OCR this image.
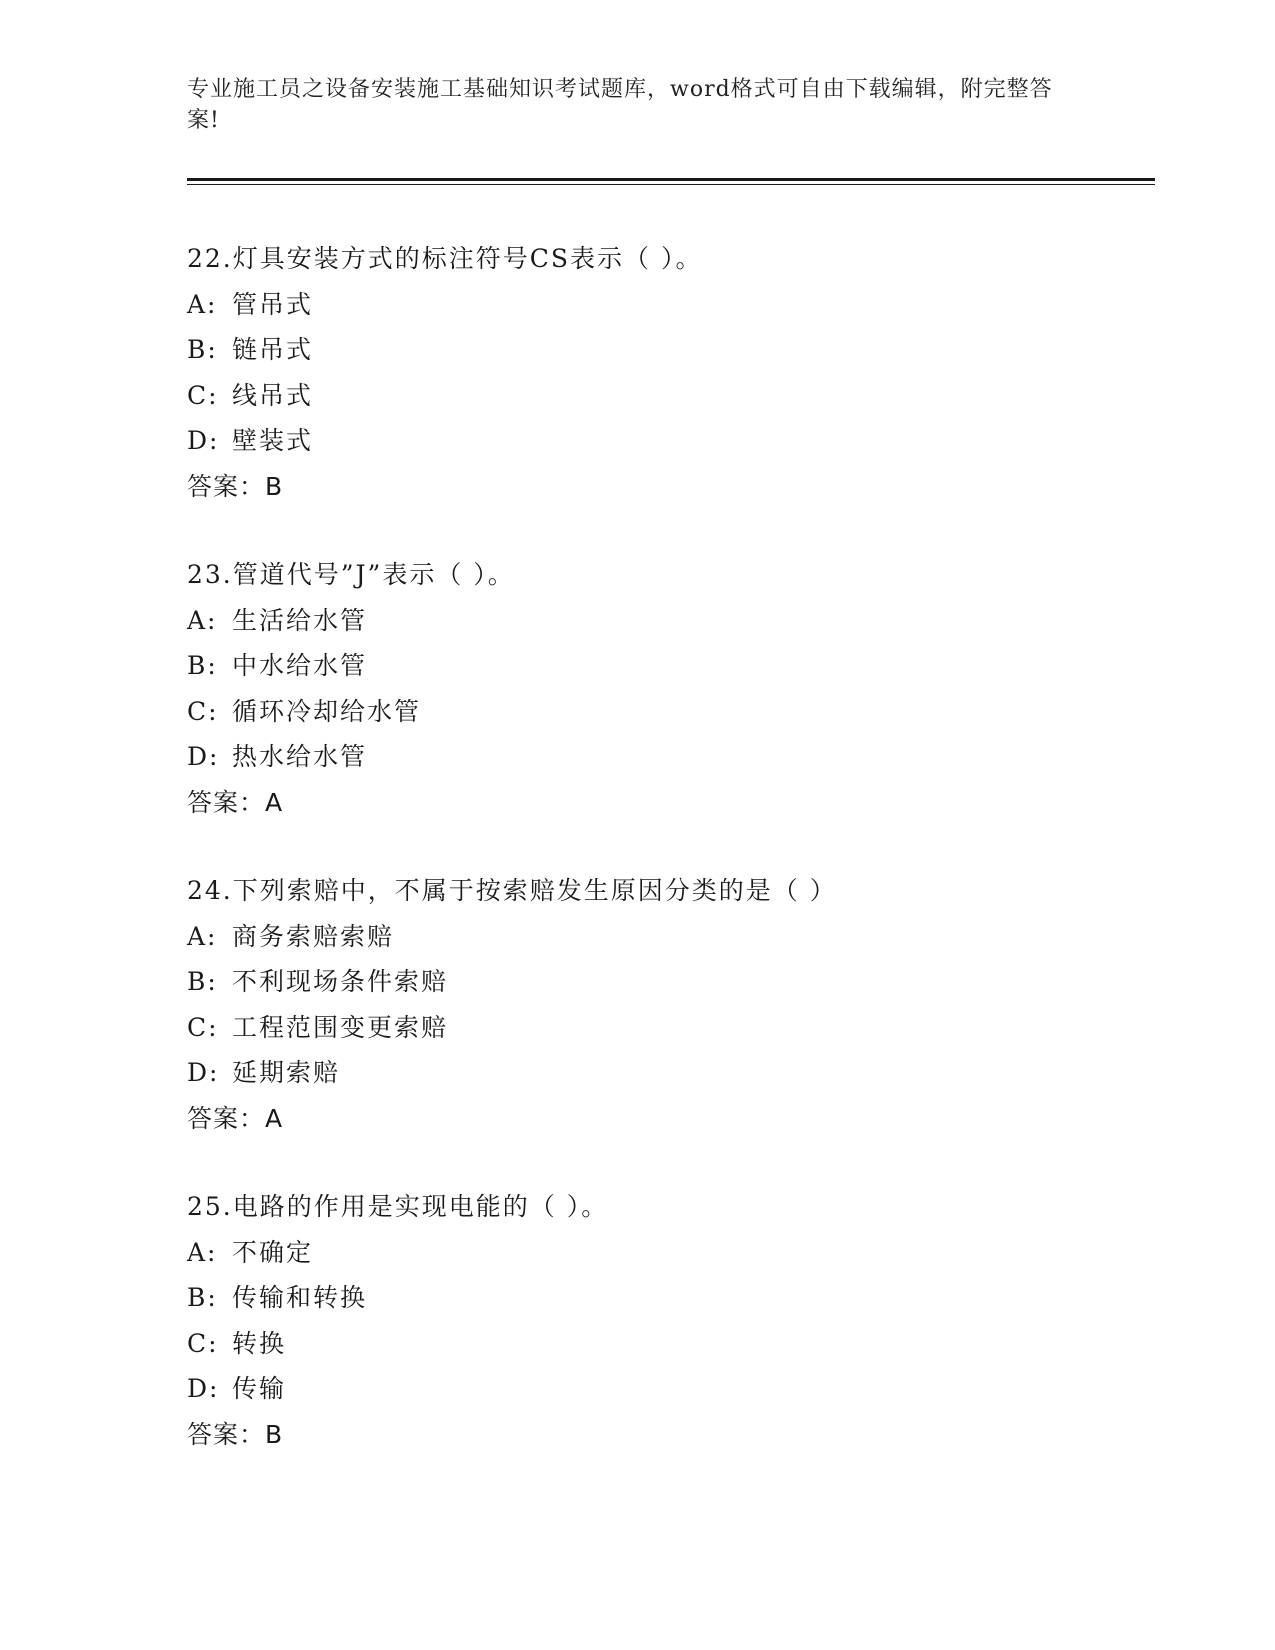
专业施工员之设备安装施工基础知识考试题库，word格式可自由下载编辑，附完整答案!
22.灯具安装方式的标注符号CS表示（ ）。
A: 管吊式
B: 链吊式
C: 线吊式
D: 壁装式
答案：B
23.管道代号”J”表示（ ）。
A: 生活给水管
B: 中水给水管
C: 循环冷却给水管
D: 热水给水管
答案：A
24.下列索赔中，不属于按索赔发生原因分类的是（ ）
A: 商务索赔索赔
B: 不利现场条件索赔
C: 工程范围变更索赔
D: 延期索赔
答案：A
25.电路的作用是实现电能的（ ）。
A: 不确定
B: 传输和转换
C: 转换
D: 传输
答案：B
